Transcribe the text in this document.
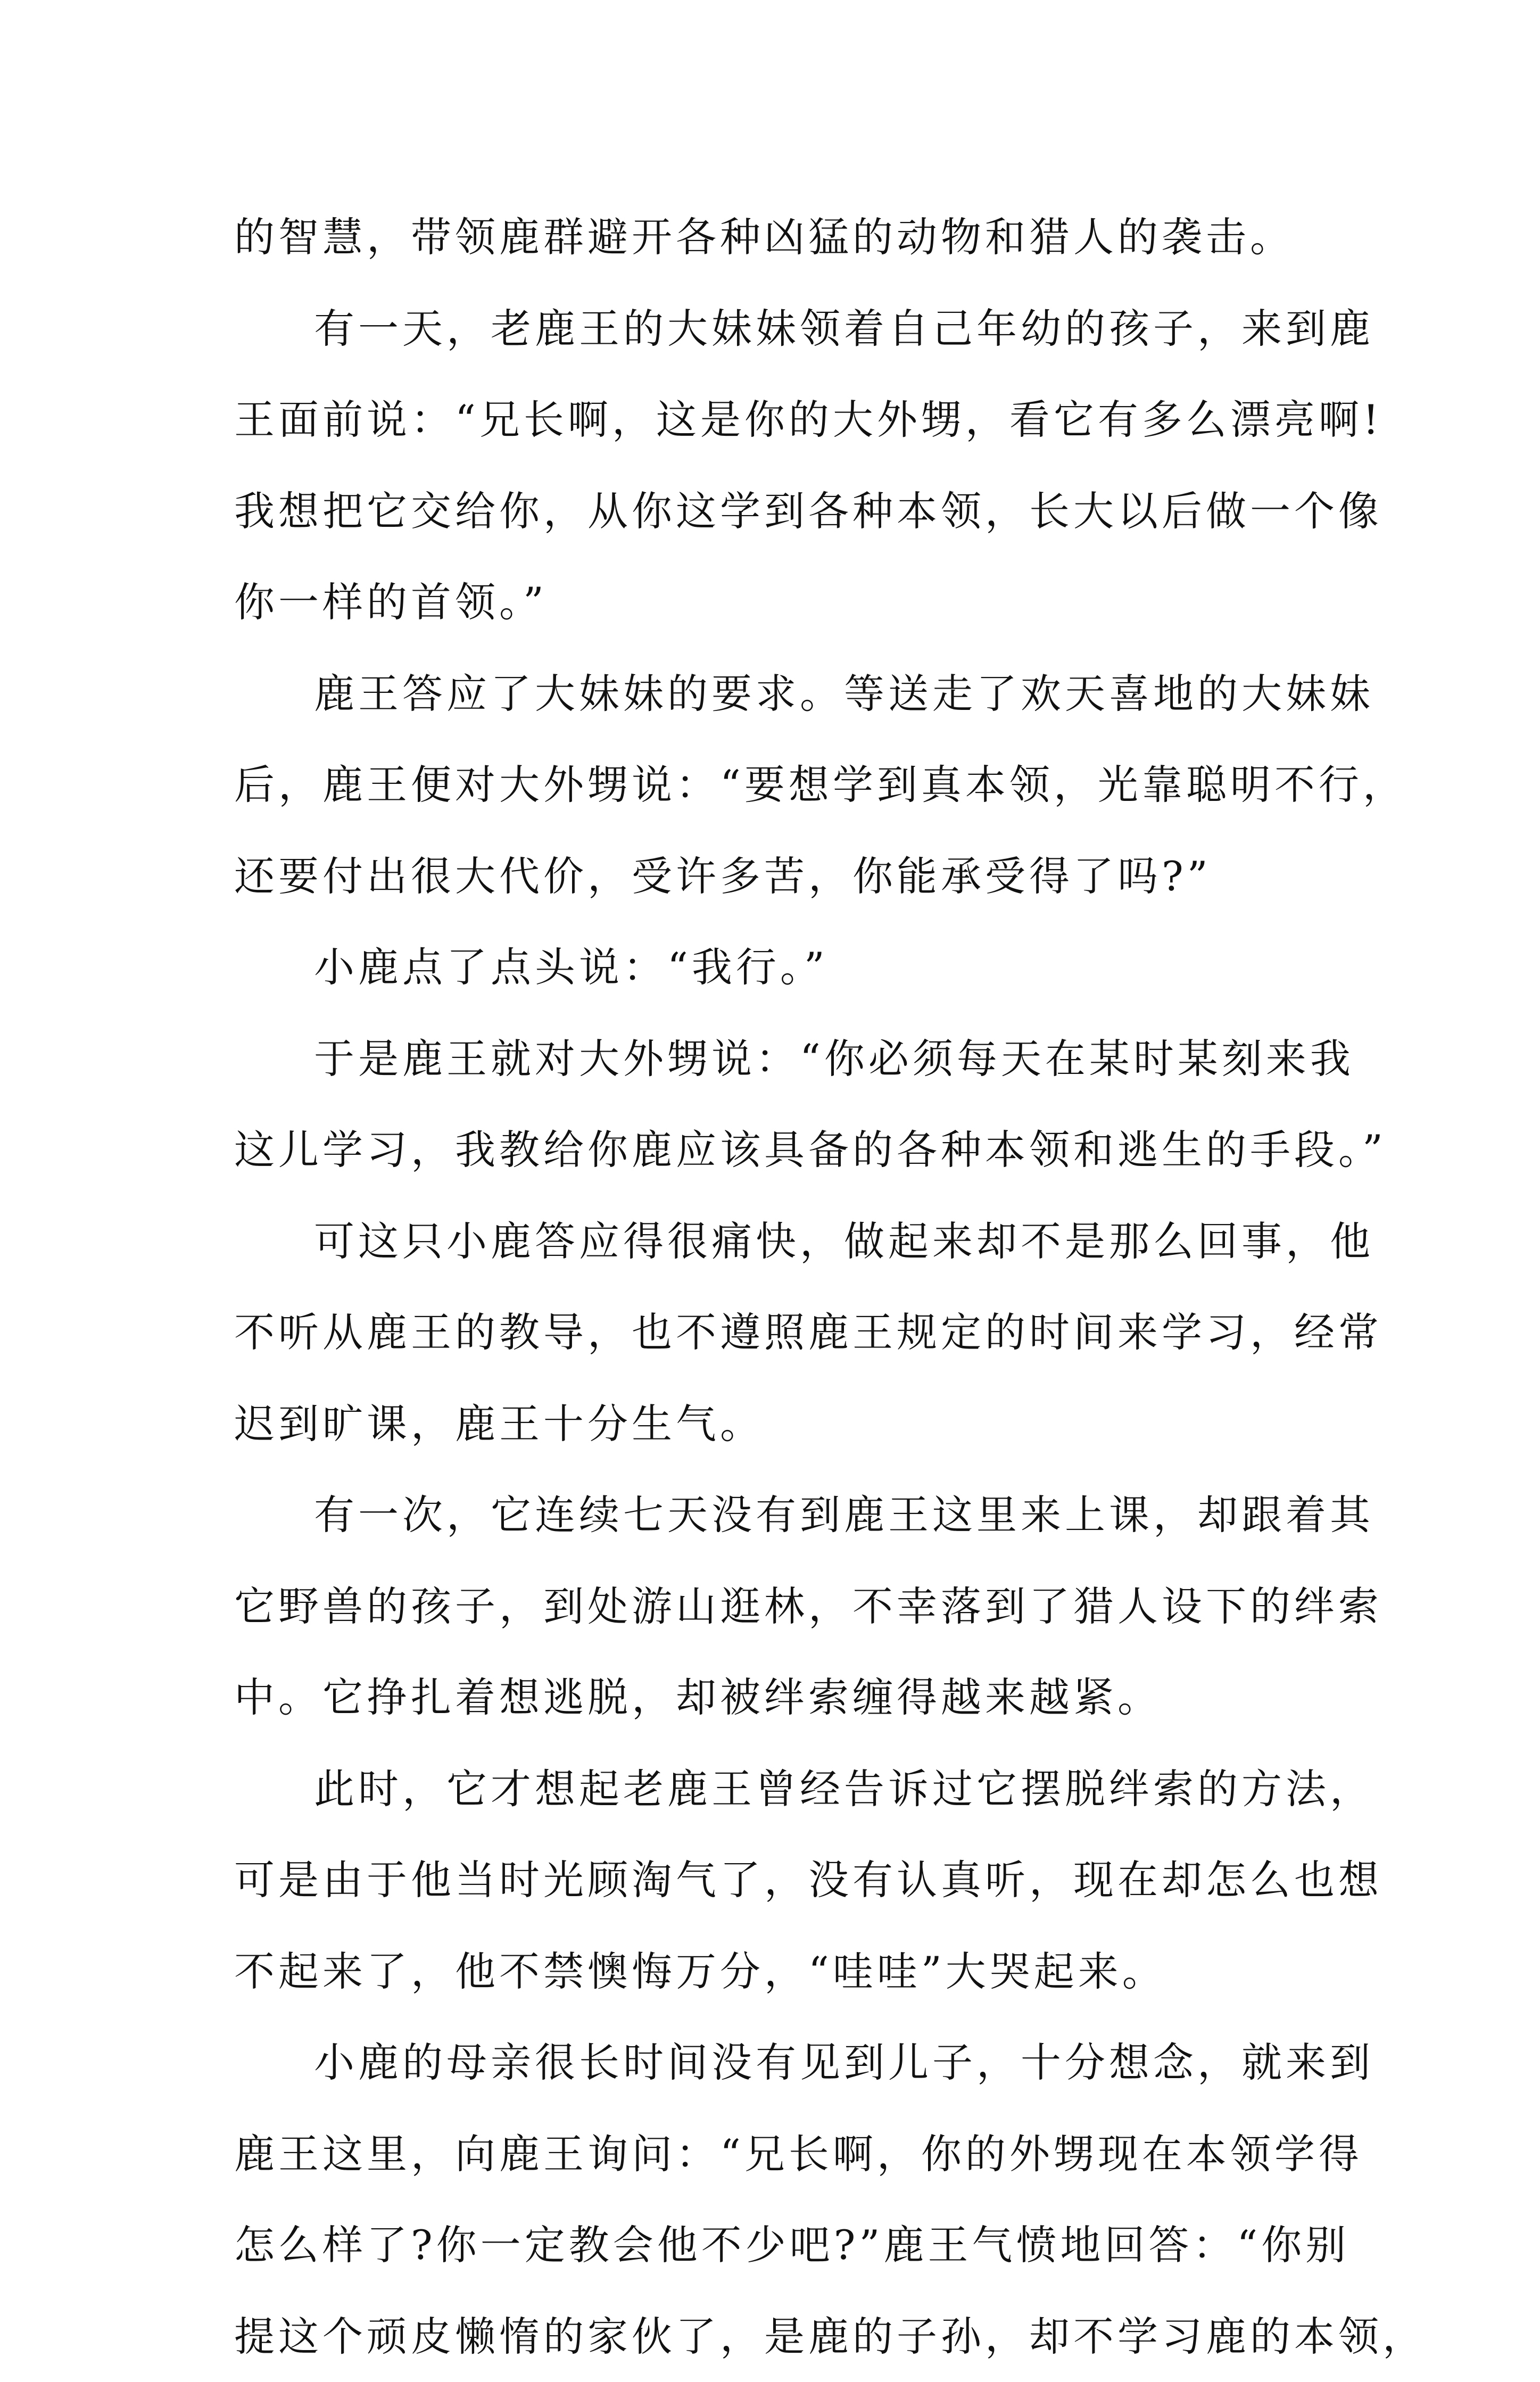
的智慧，带领鹿群避开各种凶猛的动物和猎人的袭击。
有一天，老鹿王的大妹妹领着自己年幼的孩子，来到鹿
王面前说：“兄长啊，这是你的大外甥，看它有多么漂亮啊!
我想把它交给你，从你这学到各种本领，长大以后做一个像
你一样的首领。”
鹿王答应了大妹妹的要求。等送走了欢天喜地的大妹妹
后，鹿王便对大外甥说：“要想学到真本领，光靠聪明不行，
还要付出很大代价，受许多苦，你能承受得了吗?”
小鹿点了点头说：“我行。”
于是鹿王就对大外甥说：“你必须每天在某时某刻来我
这儿学习，我教给你鹿应该具备的各种本领和逃生的手段。”
可这只小鹿答应得很痛快，做起来却不是那么回事，他
不听从鹿王的教导，也不遵照鹿王规定的时间来学习，经常
迟到旷课，鹿王十分生气。
有一次，它连续七天没有到鹿王这里来上课，却跟着其
它野兽的孩子，到处游山逛林，不幸落到了猎人设下的绊索
中。它挣扎着想逃脱，却被绊索缠得越来越紧。
此时，它才想起老鹿王曾经告诉过它摆脱绊索的方法，
可是由于他当时光顾淘气了，没有认真听，现在却怎么也想
不起来了，他不禁懊悔万分，“哇哇”大哭起来。
小鹿的母亲很长时间没有见到儿子，十分想念，就来到
鹿王这里，向鹿王询问：“兄长啊，你的外甥现在本领学得
怎么样了?你一定教会他不少吧?”鹿王气愤地回答：“你别
提这个顽皮懒惰的家伙了，是鹿的子孙，却不学习鹿的本领，
